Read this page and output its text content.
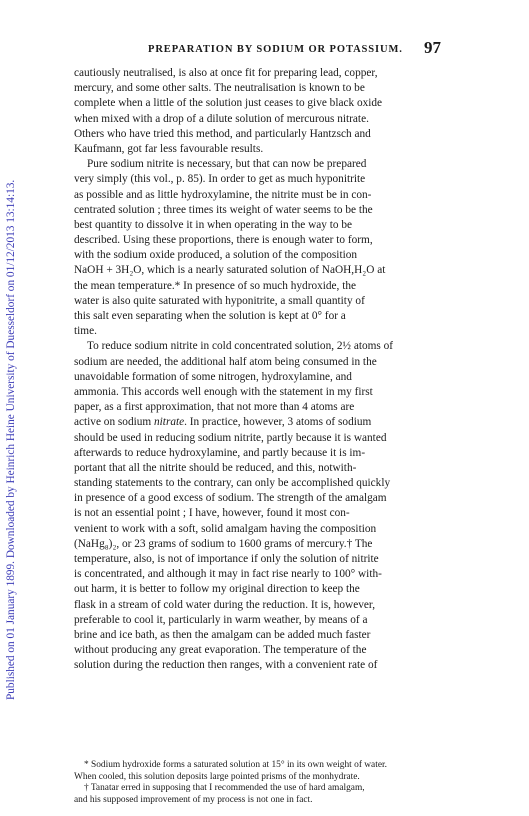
Published on 01 January 1899. Downloaded by Heinrich Heine University of Duesseldorf on 01/12/2013 13:14:13.
PREPARATION BY SODIUM OR POTASSIUM.	97
cautiously neutralised, is also at once fit for preparing lead, copper,
mercury, and some other salts. The neutralisation is known to be
complete when a little of the solution just ceases to give black oxide
when mixed with a drop of a dilute solution of mercurous nitrate.
Others who have tried this method, and particularly Hantzsch and
Kaufmann, got far less favourable results.
Pure sodium nitrite is necessary, but that can now be prepared
very simply (this vol., p. 85). In order to get as much hyponitrite
as possible and as little hydroxylamine, the nitrite must be in con-
centrated solution ; three times its weight of water seems to be the
best quantity to dissolve it in when operating in the way to be
described. Using these proportions, there is enough water to form,
with the sodium oxide produced, a solution of the composition
NaOH + 3H₂O, which is a nearly saturated solution of NaOH,H₂O at
the mean temperature.* In presence of so much hydroxide, the
water is also quite saturated with hyponitrite, a small quantity of
this salt even separating when the solution is kept at 0° for a
time.
To reduce sodium nitrite in cold concentrated solution, 2½ atoms of
sodium are needed, the additional half atom being consumed in the
unavoidable formation of some nitrogen, hydroxylamine, and
ammonia. This accords well enough with the statement in my first
paper, as a first approximation, that not more than 4 atoms are
active on sodium nitrate. In practice, however, 3 atoms of sodium
should be used in reducing sodium nitrite, partly because it is wanted
afterwards to reduce hydroxylamine, and partly because it is im-
portant that all the nitrite should be reduced, and this, notwith-
standing statements to the contrary, can only be accomplished quickly
in presence of a good excess of sodium. The strength of the amalgam
is not an essential point ; I have, however, found it most con-
venient to work with a soft, solid amalgam having the composition
(NaHg₈)₂, or 23 grams of sodium to 1600 grams of mercury.† The
temperature, also, is not of importance if only the solution of nitrite
is concentrated, and although it may in fact rise nearly to 100° with-
out harm, it is better to follow my original direction to keep the
flask in a stream of cold water during the reduction. It is, however,
preferable to cool it, particularly in warm weather, by means of a
brine and ice bath, as then the amalgam can be added much faster
without producing any great evaporation. The temperature of the
solution during the reduction then ranges, with a convenient rate of
* Sodium hydroxide forms a saturated solution at 15° in its own weight of water.
When cooled, this solution deposits large pointed prisms of the monhydrate.
† Tanatar erred in supposing that I recommended the use of hard amalgam,
and his supposed improvement of my process is not one in fact.
